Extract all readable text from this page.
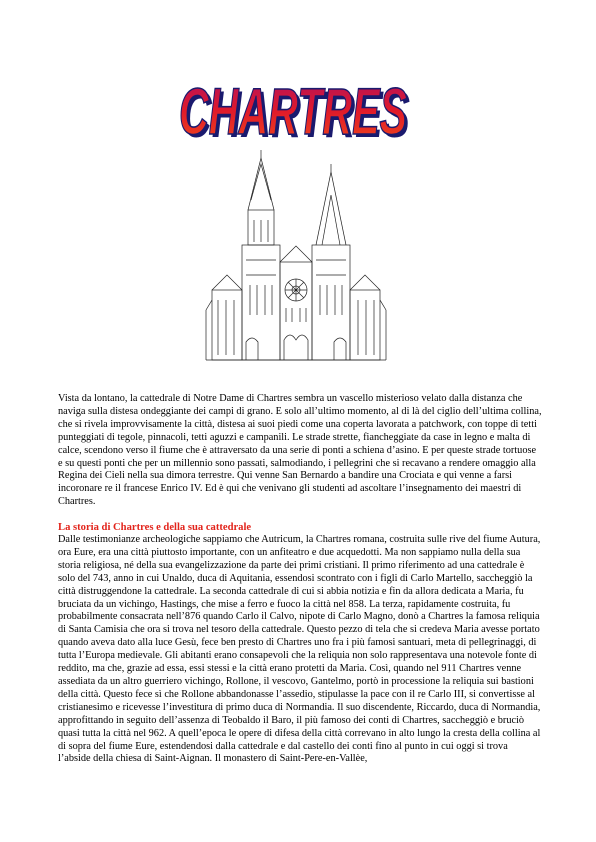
CHARTRES
CHARTRES

Vista da lontano, la cattedrale di Notre Dame di Chartres sembra un vascello misterioso velato dalla distanza che naviga sulla distesa ondeggiante dei campi di grano. E solo all’ultimo momento, al di là del ciglio dell’ultima collina, che si rivela improvvisamente la città, distesa ai suoi piedi come una coperta lavorata a patchwork, con toppe di tetti punteggiati di tegole, pinnacoli, tetti aguzzi e campanili. Le strade strette, fiancheggiate da case in legno e malta di calce, scendono verso il fiume che è attraversato da una serie di ponti a schiena d’asino. E per queste strade tortuose e su questi ponti che per un millennio sono passati, salmodiando, i pellegrini che si recavano a rendere omaggio alla Regina dei Cieli nella sua dimora terrestre. Qui venne San Bernardo a bandire una Crociata e qui venne a farsi incoronare re il francese Enrico IV. Ed è qui che venivano gli studenti ad ascoltare l’insegnamento dei maestri di Chartres.

La storia di Chartres e della sua cattedrale

Dalle testimonianze archeologiche sappiamo che Autricum, la Chartres romana, costruita sulle rive del fiume Autura, ora Eure, era una città piuttosto importante, con un anfiteatro e due acquedotti. Ma non sappiamo nulla della sua storia religiosa, né della sua evangelizzazione da parte dei primi cristiani. Il primo riferimento ad una cattedrale è solo del 743, anno in cui Unaldo, duca di Aquitania, essendosi scontrato con i figli di Carlo Martello, saccheggiò la città distruggendone la cattedrale. La seconda cattedrale di cui si abbia notizia e fin da allora dedicata a Maria, fu bruciata da un vichingo, Hastings, che mise a ferro e fuoco la città nel 858. La terza, rapidamente costruita, fu probabilmente consacrata nell’876 quando Carlo il Calvo, nipote di Carlo Magno, donò a Chartres la famosa reliquia di Santa Camisia che ora si trova nel tesoro della cattedrale. Questo pezzo di tela che si credeva Maria avesse portato quando aveva dato alla luce Gesù, fece ben presto di Chartres uno fra i più famosi santuari, meta di pellegrinaggi, di tutta l’Europa medievale. Gli abitanti erano consapevoli che la reliquia non solo rappresentava una notevole fonte di reddito, ma che, grazie ad essa, essi stessi e la città erano protetti da Maria. Così, quando nel 911 Chartres venne assediata da un altro guerriero vichingo, Rollone, il vescovo, Gantelmo, portò in processione la reliquia sui bastioni della città. Questo fece sì che Rollone abbandonasse l’assedio, stipulasse la pace con il re Carlo III, si convertisse al cristianesimo e ricevesse l’investitura di primo duca di Normandia. Il suo discendente, Riccardo, duca di Normandia, approfittando in seguito dell’assenza di Teobaldo il Baro, il più famoso dei conti di Chartres, saccheggiò e bruciò quasi tutta la città nel 962. A quell’epoca le opere di difesa della città correvano in alto lungo la cresta della collina al di sopra del fiume Eure, estendendosi dalla cattedrale e dal castello dei conti fino al punto in cui oggi si trova l’abside della chiesa di Saint-Aignan. Il monastero di Saint-Pere-en-Vallèe,
